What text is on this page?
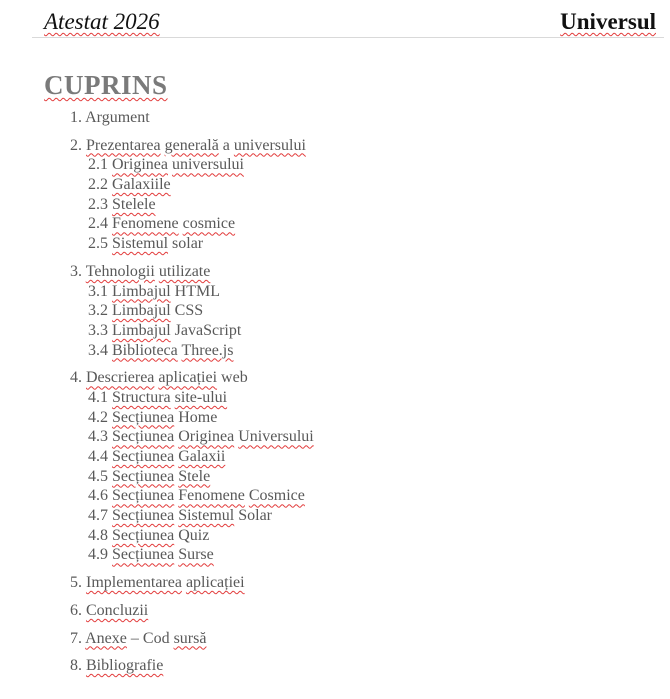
Atestat 2026	Universul
CUPRINS
1. Argument
2. Prezentarea generală a universului
2.1 Originea universului
2.2 Galaxiile
2.3 Stelele
2.4 Fenomene cosmice
2.5 Sistemul solar
3. Tehnologii utilizate
3.1 Limbajul HTML
3.2 Limbajul CSS
3.3 Limbajul JavaScript
3.4 Biblioteca Three.js
4. Descrierea aplicației web
4.1 Structura site-ului
4.2 Secțiunea Home
4.3 Secțiunea Originea Universului
4.4 Secțiunea Galaxii
4.5 Secțiunea Stele
4.6 Secțiunea Fenomene Cosmice
4.7 Secțiunea Sistemul Solar
4.8 Secțiunea Quiz
4.9 Secțiunea Surse
5. Implementarea aplicației
6. Concluzii
7. Anexe – Cod sursă
8. Bibliografie
